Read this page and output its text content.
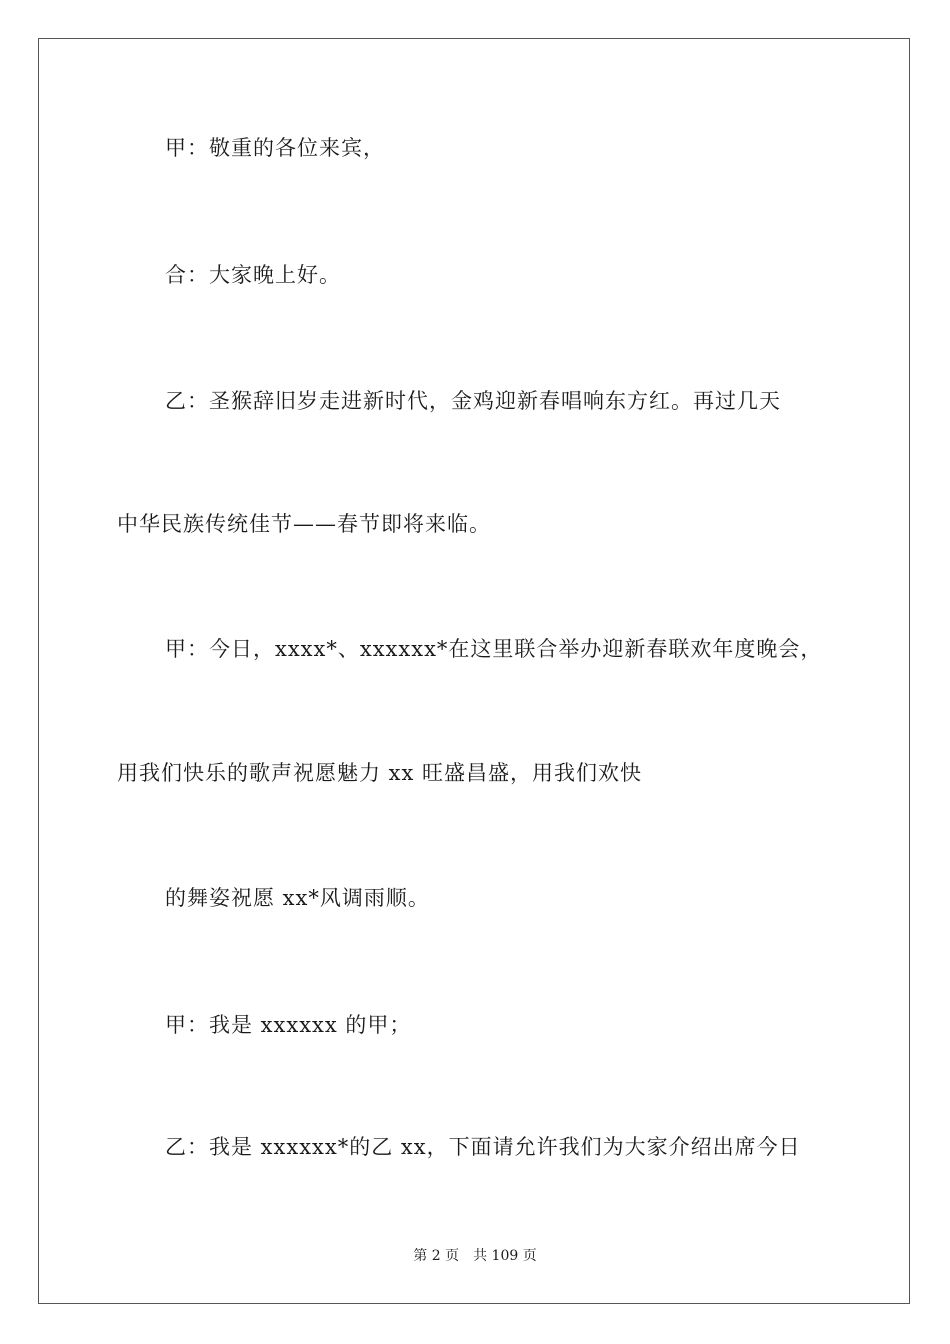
甲：敬重的各位来宾，
合：大家晚上好。
乙：圣猴辞旧岁走进新时代，金鸡迎新春唱响东方红。再过几天
中华民族传统佳节——春节即将来临。
甲：今日，xxxx*、xxxxxx*在这里联合举办迎新春联欢年度晚会，
用我们快乐的歌声祝愿魅力 xx 旺盛昌盛，用我们欢快
的舞姿祝愿 xx*风调雨顺。
甲：我是 xxxxxx 的甲；
乙：我是 xxxxxx*的乙 xx，下面请允许我们为大家介绍出席今日
第 2 页 共 109 页
